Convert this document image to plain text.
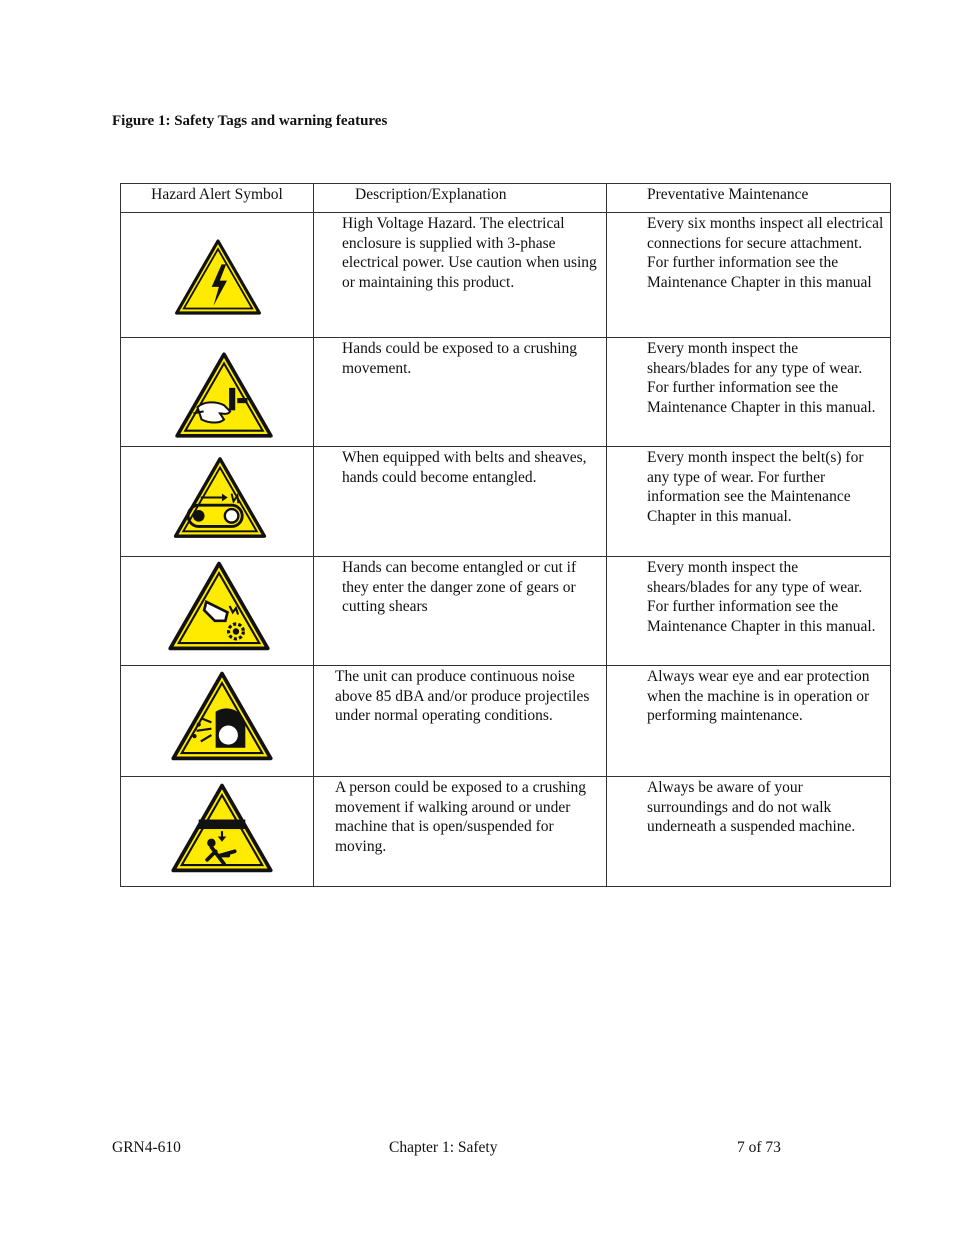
Figure 1: Safety Tags and warning features
Hazard Alert Symbol	Description/Explanation	Preventative Maintenance

High Voltage Hazard. The electrical enclosure is supplied with 3-phase electrical power. Use caution when using or maintaining this product.	Every six months inspect all electrical connections for secure attachment. For further information see the Maintenance Chapter in this manual

Hands could be exposed to a crushing movement.	Every month inspect the shears/blades for any type of wear. For further information see the Maintenance Chapter in this manual.

When equipped with belts and sheaves, hands could become entangled.	Every month inspect the belt(s) for any type of wear. For further information see the Maintenance Chapter in this manual.

Hands can become entangled or cut if they enter the danger zone of gears or cutting shears	Every month inspect the shears/blades for any type of wear. For further information see the Maintenance Chapter in this manual.

The unit can produce continuous noise above 85 dBA and/or produce projectiles under normal operating conditions.	Always wear eye and ear protection when the machine is in operation or performing maintenance.

A person could be exposed to a crushing movement if walking around or under machine that is open/suspended for moving.	Always be aware of your surroundings and do not walk underneath a suspended machine.
GRN4-610	Chapter 1: Safety	7 of 73
